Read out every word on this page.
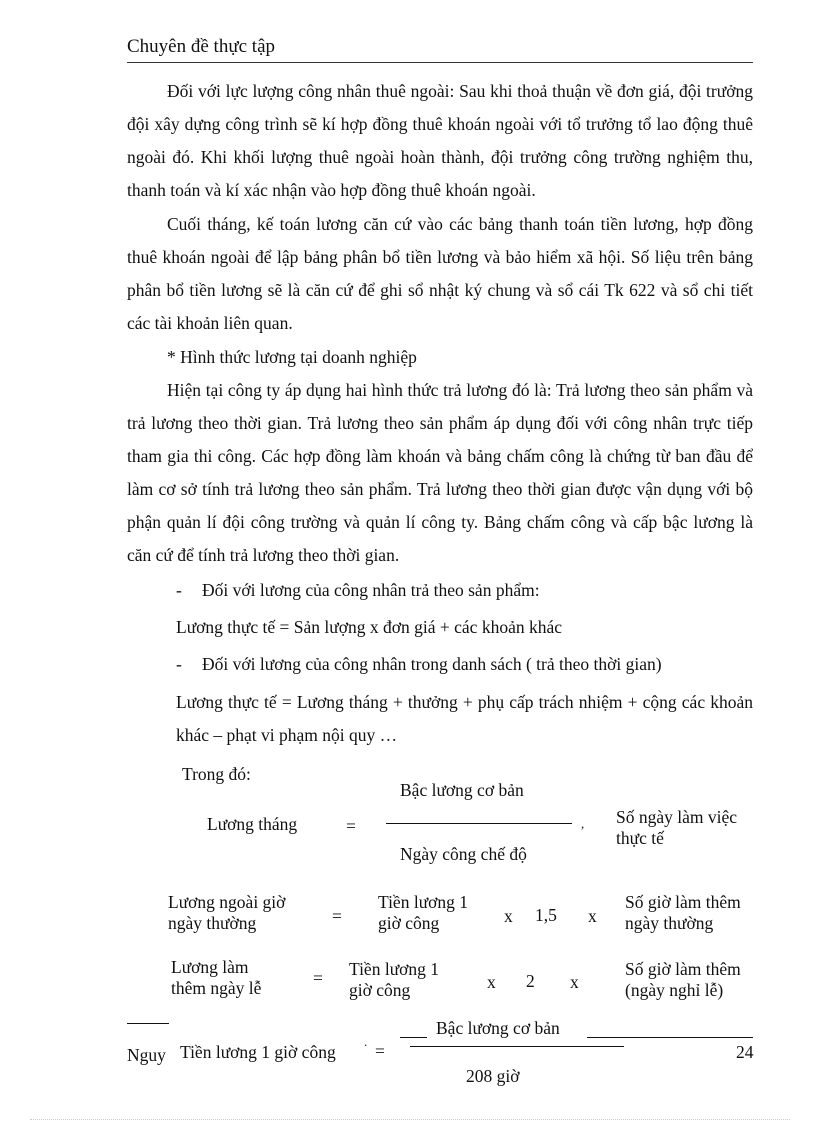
Chuyên đề thực tập

Đối với lực lượng công nhân thuê ngoài: Sau khi thoả thuận về đơn giá, đội trưởng đội xây dựng công trình sẽ kí hợp đồng thuê khoán ngoài với tổ trưởng tổ lao động thuê ngoài đó. Khi khối lượng thuê ngoài hoàn thành, đội trưởng công trường nghiệm thu, thanh toán và kí xác nhận vào hợp đồng thuê khoán ngoài.

Cuối tháng, kế toán lương căn cứ vào các bảng thanh toán tiền lương, hợp đồng thuê khoán ngoài để lập bảng phân bổ tiền lương và bảo hiểm xã hội. Số liệu trên bảng phân bổ tiền lương sẽ là căn cứ để ghi sổ nhật ký chung và sổ cái Tk 622 và sổ chi tiết các tài khoản liên quan.

* Hình thức lương tại doanh nghiệp

Hiện tại công ty áp dụng hai hình thức trả lương đó là: Trả lương theo sản phẩm và trả lương theo thời gian. Trả lương theo sản phẩm áp dụng đối với công nhân trực tiếp tham gia thi công. Các hợp đồng làm khoán và bảng chấm công là chứng từ ban đầu để làm cơ sở tính trả lương theo sản phẩm. Trả lương theo thời gian được vận dụng với bộ phận quản lí đội công trường và quản lí công ty. Bảng chấm công và cấp bậc lương là căn cứ để tính trả lương theo thời gian.

- Đối với lương của công nhân trả theo sản phẩm:
Lương thực tế = Sản lượng x đơn giá + các khoản khác
- Đối với lương của công nhân trong danh sách ( trả theo thời gian)
Lương thực tế = Lương tháng + thưởng + phụ cấp trách nhiệm + cộng các khoản khác – phạt vi phạm nội quy …
Trong đó:
Lương tháng	=
Bậc lương cơ bản
,
Ngày công chế độ
Số ngày làm việc thực tế
Lương ngoài giờ ngày thường	=
Tiền lương 1 giờ công	x 1,5 x
Số giờ làm thêm ngày thường
Lương làm thêm ngày lễ	= Tiền lương 1 giờ công	x 2 x
Số giờ làm thêm (ngày nghỉ lễ)
Bậc lương cơ bản
Nguy Tiền lương 1 giờ công
. =	24
208 giờ
